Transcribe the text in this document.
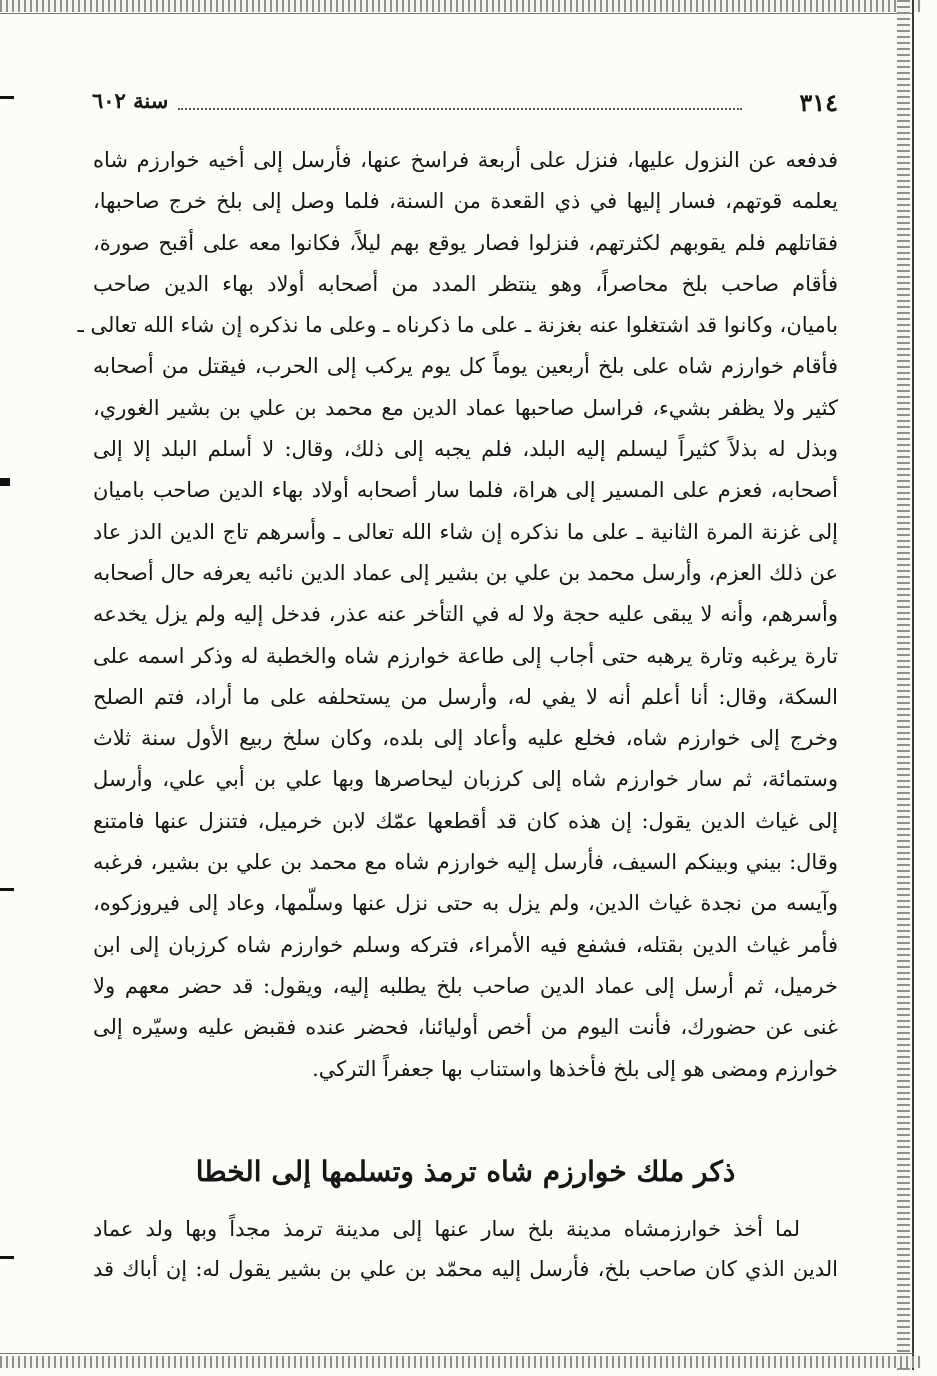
٣١٤
سنة ٦٠٢
فدفعه عن النزول عليها، فنزل على أربعة فراسخ عنها، فأرسل إلى أخيه خوارزم شاه
يعلمه قوتهم، فسار إليها في ذي القعدة من السنة، فلما وصل إلى بلخ خرج صاحبها،
فقاتلهم فلم يقوبهم لكثرتهم، فنزلوا فصار يوقع بهم ليلاً، فكانوا معه على أقبح صورة،
فأقام صاحب بلخ محاصراً، وهو ينتظر المدد من أصحابه أولاد بهاء الدين صاحب
باميان، وكانوا قد اشتغلوا عنه بغزنة ـ على ما ذكرناه ـ وعلى ما نذكره إن شاء الله تعالى ـ
فأقام خوارزم شاه على بلخ أربعين يوماً كل يوم يركب إلى الحرب، فيقتل من أصحابه
كثير ولا يظفر بشيء، فراسل صاحبها عماد الدين مع محمد بن علي بن بشير الغوري،
وبذل له بذلاً كثيراً ليسلم إليه البلد، فلم يجبه إلى ذلك، وقال: لا أسلم البلد إلا إلى
أصحابه، فعزم على المسير إلى هراة، فلما سار أصحابه أولاد بهاء الدين صاحب باميان
إلى غزنة المرة الثانية ـ على ما نذكره إن شاء الله تعالى ـ وأسرهم تاج الدين الدز عاد
عن ذلك العزم، وأرسل محمد بن علي بن بشير إلى عماد الدين نائبه يعرفه حال أصحابه
وأسرهم، وأنه لا يبقى عليه حجة ولا له في التأخر عنه عذر، فدخل إليه ولم يزل يخدعه
تارة يرغبه وتارة يرهبه حتى أجاب إلى طاعة خوارزم شاه والخطبة له وذكر اسمه على
السكة، وقال: أنا أعلم أنه لا يفي له، وأرسل من يستحلفه على ما أراد، فتم الصلح
وخرج إلى خوارزم شاه، فخلع عليه وأعاد إلى بلده، وكان سلخ ربيع الأول سنة ثلاث
وستمائة، ثم سار خوارزم شاه إلى كرزبان ليحاصرها وبها علي بن أبي علي، وأرسل
إلى غياث الدين يقول: إن هذه كان قد أقطعها عمّك لابن خرميل، فتنزل عنها فامتنع
وقال: بيني وبينكم السيف، فأرسل إليه خوارزم شاه مع محمد بن علي بن بشير، فرغبه
وآيسه من نجدة غياث الدين، ولم يزل به حتى نزل عنها وسلّمها، وعاد إلى فيروزكوه،
فأمر غياث الدين بقتله، فشفع فيه الأمراء، فتركه وسلم خوارزم شاه كرزبان إلى ابن
خرميل، ثم أرسل إلى عماد الدين صاحب بلخ يطلبه إليه، ويقول: قد حضر معهم ولا
غنى عن حضورك، فأنت اليوم من أخص أوليائنا، فحضر عنده فقبض عليه وسيّره إلى
خوارزم ومضى هو إلى بلخ فأخذها واستناب بها جعفراً التركي.
ذكر ملك خوارزم شاه ترمذ وتسلمها إلى الخطا
لما أخذ خوارزمشاه مدينة بلخ سار عنها إلى مدينة ترمذ مجداً وبها ولد عماد
الدين الذي كان صاحب بلخ، فأرسل إليه محمّد بن علي بن بشير يقول له: إن أباك قد
